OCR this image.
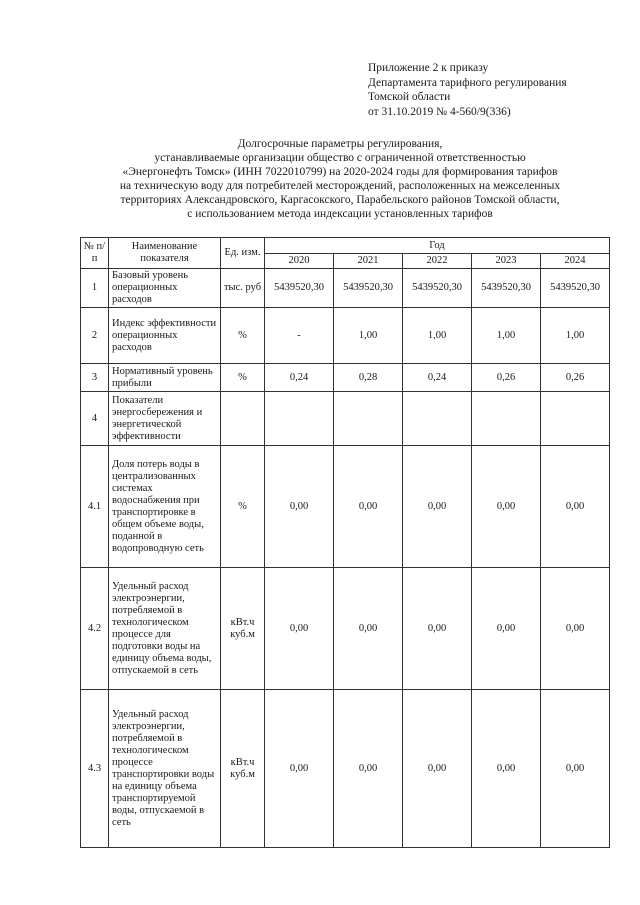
Приложение 2 к приказу
Департамента тарифного регулирования
Томской области
от 31.10.2019 № 4-560/9(336)
Долгосрочные параметры регулирования,
устанавливаемые организации общество с ограниченной ответственностью
«Энергонефть Томск» (ИНН 7022010799) на 2020-2024 годы для формирования тарифов
на техническую воду для потребителей месторождений, расположенных на межселенных
территориях Александровского, Каргасокского, Парабельского районов Томской области,
с использованием метода индексации установленных тарифов
№ п/п	Наименование показателя	Ед. изм.	Год				
			2020	2021	2022	2023	2024
1	Базовый уровень операционных расходов	тыс. руб	5439520,30	5439520,30	5439520,30	5439520,30	5439520,30
2	Индекс эффективности операционных расходов	%	-	1,00	1,00	1,00	1,00
3	Нормативный уровень прибыли	%	0,24	0,28	0,24	0,26	0,26
4	Показатели энергосбережения и энергетической эффективности						
4.1	Доля потерь воды в централизованных системах водоснабжения при транспортировке в общем объеме воды, поданной в водопроводную сеть	%	0,00	0,00	0,00	0,00	0,00
4.2	Удельный расход электроэнергии, потребляемой в технологическом процессе для подготовки воды на единицу объема воды, отпускаемой в сеть	кВт.ч куб.м	0,00	0,00	0,00	0,00	0,00
4.3	Удельный расход электроэнергии, потребляемой в технологическом процессе транспортировки воды на единицу объема транспортируемой воды, отпускаемой в сеть	кВт.ч куб.м	0,00	0,00	0,00	0,00	0,00
